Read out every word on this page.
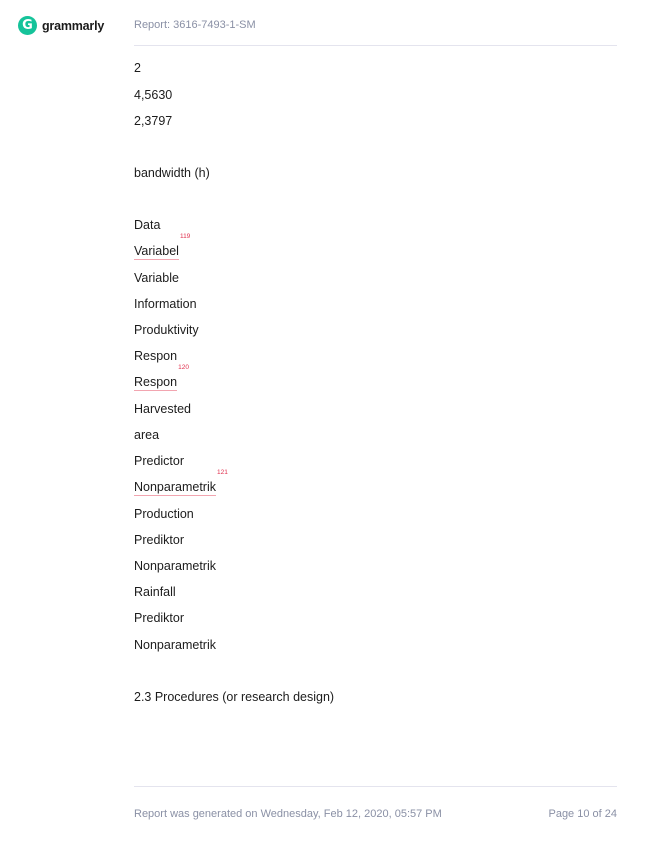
G grammarly	Report: 3616-7493-1-SM
2
4,5630
2,3797
bandwidth (h)
Data
Variabel
119
Variable
Information
Produktivity
Respon
Respon
120
Harvested
area
Predictor
Nonparametrik
121
Production
Prediktor
Nonparametrik
Rainfall
Prediktor
Nonparametrik
2.3 Procedures (or research design)
Report was generated on Wednesday, Feb 12, 2020, 05:57 PM	Page 10 of 24
